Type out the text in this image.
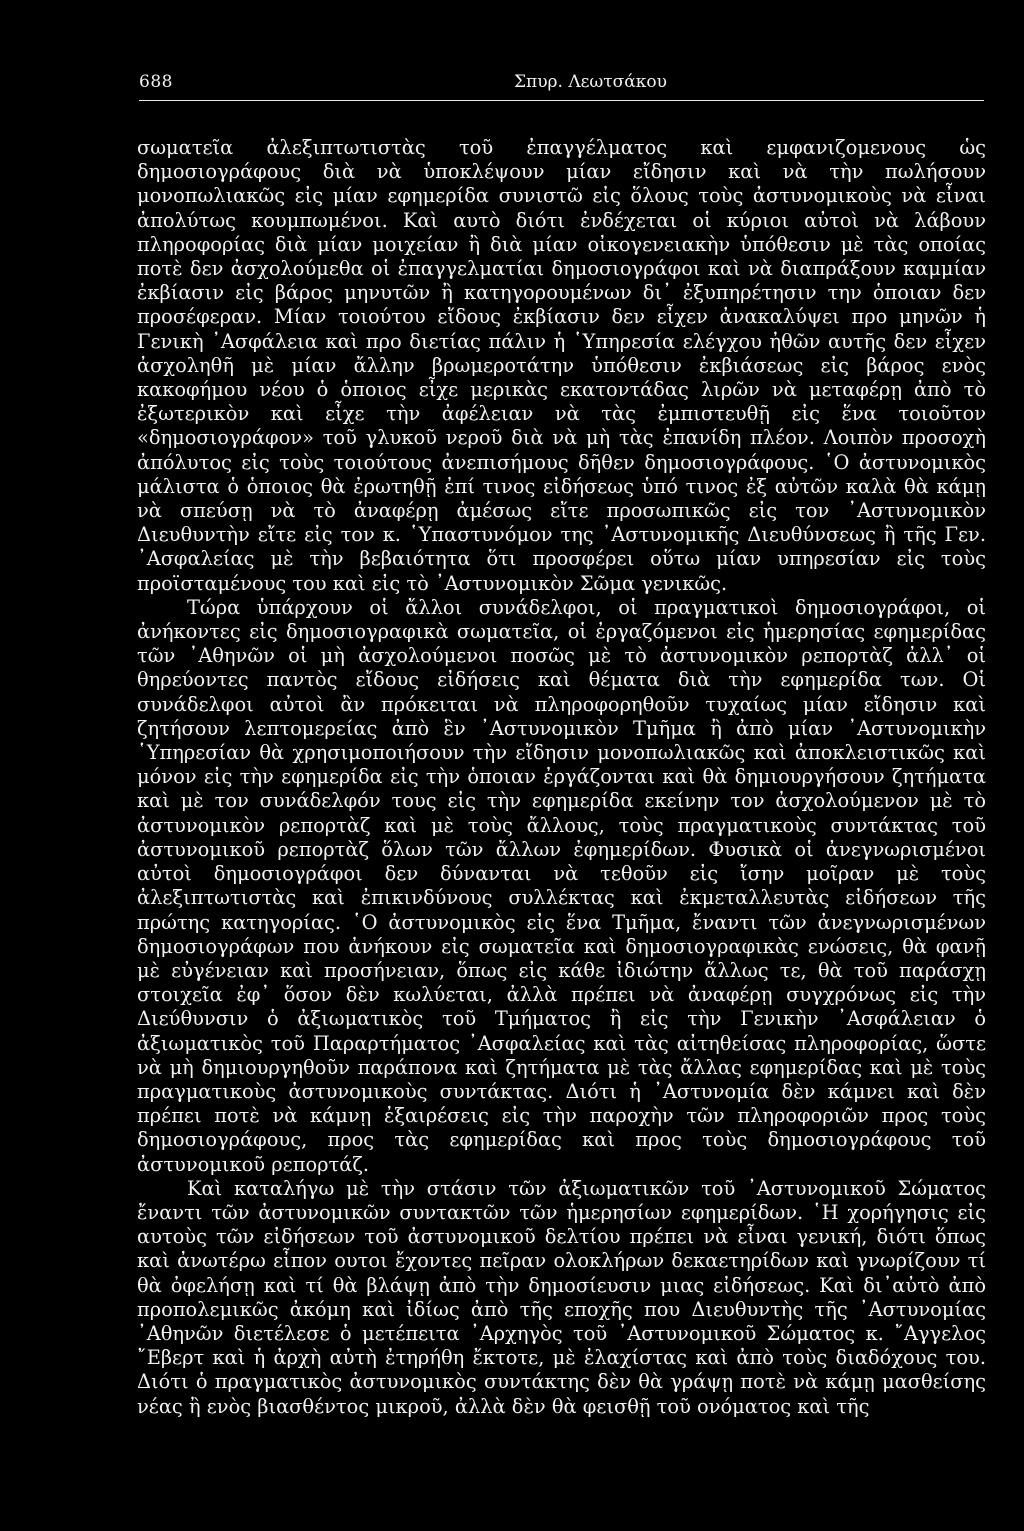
688	Σπυρ. Λεωτσάκου

σωματεῖα ἀλεξιπτωτιστὰς τοῦ ἐπαγγέλματος καὶ εμφανιζομενους ὡς δημοσιογράφους διὰ νὰ ὑποκλέψουν μίαν εἴδησιν καὶ νὰ τὴν πωλήσουν μονοπωλιακῶς εἰς μίαν εφημερίδα συνιστῶ εἰς ὅλους τοὺς ἀστυνομικοὺς νὰ εἶναι ἀπολύτως κουμπωμένοι. Καὶ αυτὸ διότι ἐνδέχεται οἱ κύριοι αὐτοὶ νὰ λάβουν πληροφορίας διὰ μίαν μοιχείαν ἢ διὰ μίαν οἰκογενειακὴν ὑπόθεσιν μὲ τὰς οποίας ποτὲ δεν ἀσχολούμεθα οἱ ἐπαγγελματίαι δημοσιογράφοι καὶ νὰ διαπράξουν καμμίαν ἐκβίασιν εἰς βάρος μηνυτῶν ἢ κατηγορουμένων δι᾽ ἐξυπηρέτησιν την ὁποιαν δεν προσέφεραν. Μίαν τοιούτου εἴδους ἐκβίασιν δεν εἶχεν ἀνακαλύψει προ μηνῶν ἡ Γενικὴ ᾿Ασφάλεια καὶ προ διετίας πάλιν ἡ ῾Υπηρεσία ελέγχου ἠθῶν αυτῆς δεν εἶχεν ἀσχοληθῆ μὲ μίαν ἄλλην βρωμεροτάτην ὑπόθεσιν ἐκβιάσεως εἰς βάρος ενὸς κακοφήμου νέου ὁ ὁποιος εἶχε μερικὰς εκατοντάδας λιρῶν νὰ μεταφέρῃ ἀπὸ τὸ ἐξωτερικὸν καὶ εἶχε τὴν ἀφέλειαν νὰ τὰς ἐμπιστευθῇ εἰς ἕνα τοιοῦτον «δημοσιογράφον» τοῦ γλυκοῦ νεροῦ διὰ νὰ μὴ τὰς ἐπανίδη πλέον. Λοιπὸν προσοχὴ ἀπόλυτος εἰς τοὺς τοιούτους ἀνεπισήμους δῆθεν δημοσιογράφους. ῾Ο ἀστυνομικὸς μάλιστα ὁ ὁποιος θὰ ἐρωτηθῇ ἐπί τινος εἰδήσεως ὑπό τινος ἐξ αὐτῶν καλὰ θὰ κάμῃ νὰ σπεύσῃ νὰ τὸ ἀναφέρῃ ἀμέσως εἴτε προσωπικῶς εἰς τον ᾿Αστυνομικὸν Διευθυντὴν εἴτε εἰς τον κ. ῾Υπαστυνόμον της ᾿Αστυνομικῆς Διευθύνσεως ἢ τῆς Γεν. ᾿Ασφαλείας μὲ τὴν βεβαιότητα ὅτι προσφέρει οὕτω μίαν υπηρεσίαν εἰς τοὺς προϊσταμένους του καὶ εἰς τὸ ᾿Αστυνομικὸν Σῶμα γενικῶς.

Τώρα ὑπάρχουν οἱ ἄλλοι συνάδελφοι, οἱ πραγματικοὶ δημοσιογράφοι, οἱ ἀνήκοντες εἰς δημοσιογραφικὰ σωματεῖα, οἱ ἐργαζόμενοι εἰς ἡμερησίας εφημερίδας τῶν ᾿Αθηνῶν οἱ μὴ ἀσχολούμενοι ποσῶς μὲ τὸ ἀστυνομικὸν ρεπορτὰζ ἀλλ᾽ οἱ θηρεύοντες παντὸς εἴδους εἰδήσεις καὶ θέματα διὰ τὴν εφημερίδα των. Οἱ συνάδελφοι αὐτοὶ ἂν πρόκειται νὰ πληροφορηθοῦν τυχαίως μίαν εἴδησιν καὶ ζητήσουν λεπτομερείας ἀπὸ ἓν ᾿Αστυνομικὸν Τμῆμα ἢ ἀπὸ μίαν ᾿Αστυνομικὴν ῾Υπηρεσίαν θὰ χρησιμοποιήσουν τὴν εἴδησιν μονοπωλιακῶς καὶ ἀποκλειστικῶς καὶ μόνον εἰς τὴν εφημερίδα εἰς τὴν ὁποιαν ἐργάζονται καὶ θὰ δημιουργήσουν ζητήματα καὶ μὲ τον συνάδελφόν τους εἰς τὴν εφημερίδα εκείνην τον ἀσχολούμενον μὲ τὸ ἀστυνομικὸν ρεπορτὰζ καὶ μὲ τοὺς ἄλλους, τοὺς πραγματικοὺς συντάκτας τοῦ ἀστυνομικοῦ ρεπορτὰζ ὅλων τῶν ἄλλων ἐφημερίδων. Φυσικὰ οἱ ἀνεγνωρισμένοι αὐτοὶ δημοσιογράφοι δεν δύνανται νὰ τεθοῦν εἰς ἴσην μοῖραν μὲ τοὺς ἀλεξιπτωτιστὰς καὶ ἐπικινδύνους συλλέκτας καὶ ἐκμεταλλευτὰς εἰδήσεων τῆς πρώτης κατηγορίας. ῾Ο ἀστυνομικὸς εἰς ἕνα Τμῆμα, ἔναντι τῶν ἀνεγνωρισμένων δημοσιογράφων που ἀνήκουν εἰς σωματεῖα καὶ δημοσιογραφικὰς ενώσεις, θὰ φανῇ μὲ εὐγένειαν καὶ προσήνειαν, ὅπως εἰς κάθε ἰδιώτην ἄλλως τε, θὰ τοῦ παράσχῃ στοιχεῖα ἐφ᾽ ὅσον δὲν κωλύεται, ἀλλὰ πρέπει νὰ ἀναφέρῃ συγχρόνως εἰς τὴν Διεύθυνσιν ὁ ἀξιωματικὸς τοῦ Τμήματος ἢ εἰς τὴν Γενικὴν ᾿Ασφάλειαν ὁ ἀξιωματικὸς τοῦ Παραρτήματος ᾿Ασφαλείας καὶ τὰς αἰτηθείσας πληροφορίας, ὥστε νὰ μὴ δημιουργηθοῦν παράπονα καὶ ζητήματα μὲ τὰς ἄλλας εφημερίδας καὶ μὲ τοὺς πραγματικοὺς ἀστυνομικοὺς συντάκτας. Διότι ἡ ᾿Αστυνομία δὲν κάμνει καὶ δὲν πρέπει ποτὲ νὰ κάμνῃ ἐξαιρέσεις εἰς τὴν παροχὴν τῶν πληροφοριῶν προς τοὺς δημοσιογράφους, προς τὰς εφημερίδας καὶ προς τοὺς δημοσιογράφους τοῦ ἀστυνομικοῦ ρεπορτάζ.

Καὶ καταλήγω μὲ τὴν στάσιν τῶν ἀξιωματικῶν τοῦ ᾿Αστυνομικοῦ Σώματος ἔναντι τῶν ἀστυνομικῶν συντακτῶν τῶν ἡμερησίων εφημερίδων. ῾Η χορήγησις εἰς αυτοὺς τῶν εἰδήσεων τοῦ ἀστυνομικοῦ δελτίου πρέπει νὰ εἶναι γενική, διότι ὅπως καὶ ἀνωτέρω εἶπον ουτοι ἔχοντες πεῖραν ολοκλήρων δεκαετηρίδων καὶ γνωρίζουν τί θὰ ὀφελήσῃ καὶ τί θὰ βλάψῃ ἀπὸ τὴν δημοσίευσιν μιας εἰδήσεως. Καὶ δι᾽αὐτὸ ἀπὸ προπολεμικῶς ἀκόμη καὶ ἰδίως ἀπὸ τῆς εποχῆς που Διευθυντὴς τῆς ᾿Αστυνομίας ᾿Αθηνῶν διετέλεσε ὁ μετέπειτα ᾿Αρχηγὸς τοῦ ᾿Αστυνομικοῦ Σώματος κ. ῎Αγγελος ῎Εβερτ καὶ ἡ ἀρχὴ αὐτὴ ἐτηρήθη ἔκτοτε, μὲ ἐλαχίστας καὶ ἀπὸ τοὺς διαδόχους του. Διότι ὁ πραγματικὸς ἀστυνομικὸς συντάκτης δὲν θὰ γράψῃ ποτὲ νὰ κάμῃ μασθείσης νέας ἢ ενὸς βιασθέντος μικροῦ, ἀλλὰ δὲν θὰ φεισθῇ τοῦ ονόματος καὶ τῆς
